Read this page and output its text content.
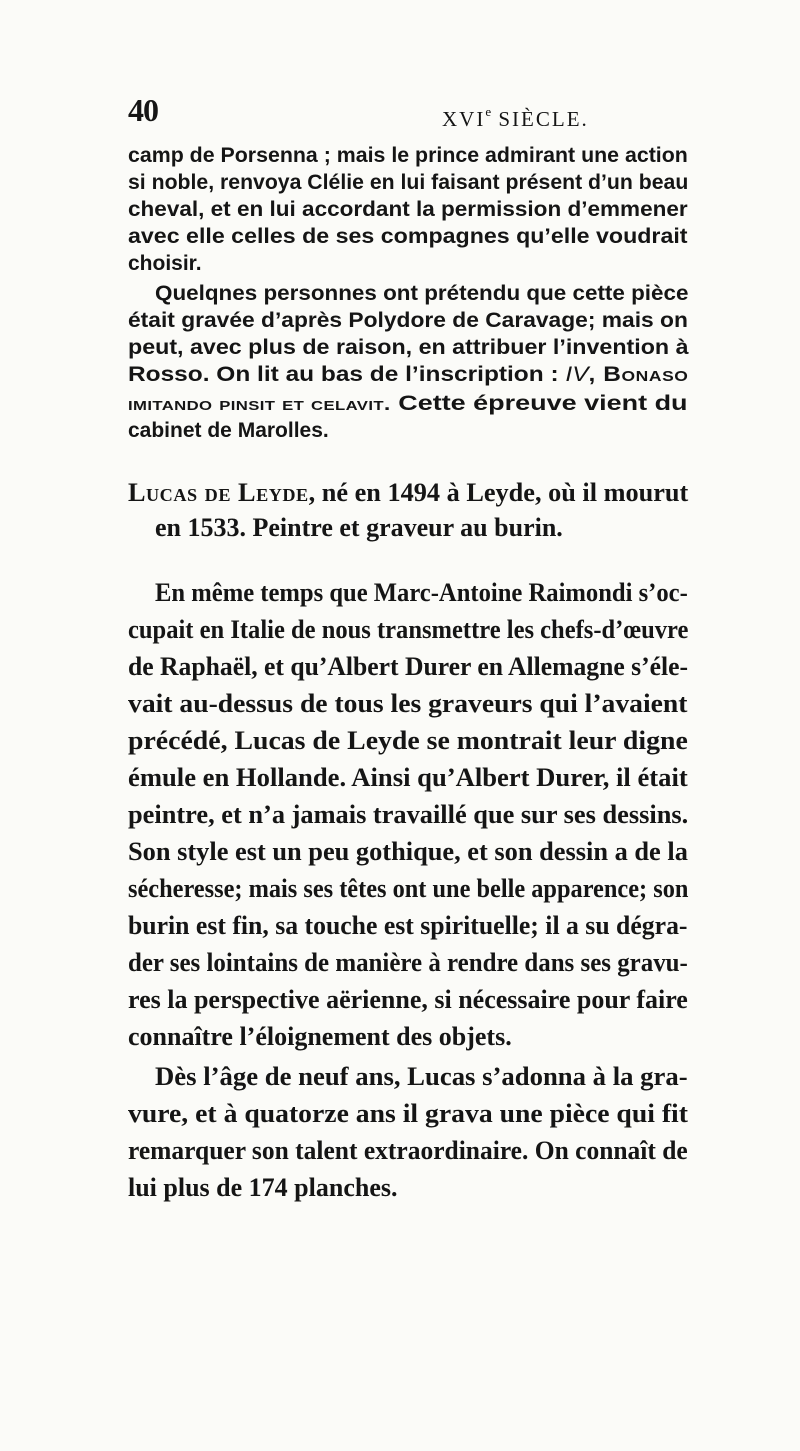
40	XVIe SIÈCLE.
camp de Porsenna ; mais le prince admirant une action
si noble, renvoya Clélie en lui faisant présent d’un beau
cheval, et en lui accordant la permission d’emmener
avec elle celles de ses compagnes qu’elle voudrait
choisir.
Quelqnes personnes ont prétendu que cette pièce
était gravée d’après Polydore de Caravage; mais on
peut, avec plus de raison, en attribuer l’invention à
Rosso. On lit au bas de l’inscription : IV, Bonaso
imitando pinsit et celavit. Cette épreuve vient du
cabinet de Marolles.
Lucas de Leyde, né en 1494 à Leyde, où il mourut
en 1533. Peintre et graveur au burin.
En même temps que Marc-Antoine Raimondi s’oc-
cupait en Italie de nous transmettre les chefs-d’œuvre
de Raphaël, et qu’Albert Durer en Allemagne s’éle-
vait au-dessus de tous les graveurs qui l’avaient
précédé, Lucas de Leyde se montrait leur digne
émule en Hollande. Ainsi qu’Albert Durer, il était
peintre, et n’a jamais travaillé que sur ses dessins.
Son style est un peu gothique, et son dessin a de la
sécheresse; mais ses têtes ont une belle apparence; son
burin est fin, sa touche est spirituelle; il a su dégra-
der ses lointains de manière à rendre dans ses gravu-
res la perspective aërienne, si nécessaire pour faire
connaître l’éloignement des objets.
Dès l’âge de neuf ans, Lucas s’adonna à la gra-
vure, et à quatorze ans il grava une pièce qui fit
remarquer son talent extraordinaire. On connaît de
lui plus de 174 planches.
